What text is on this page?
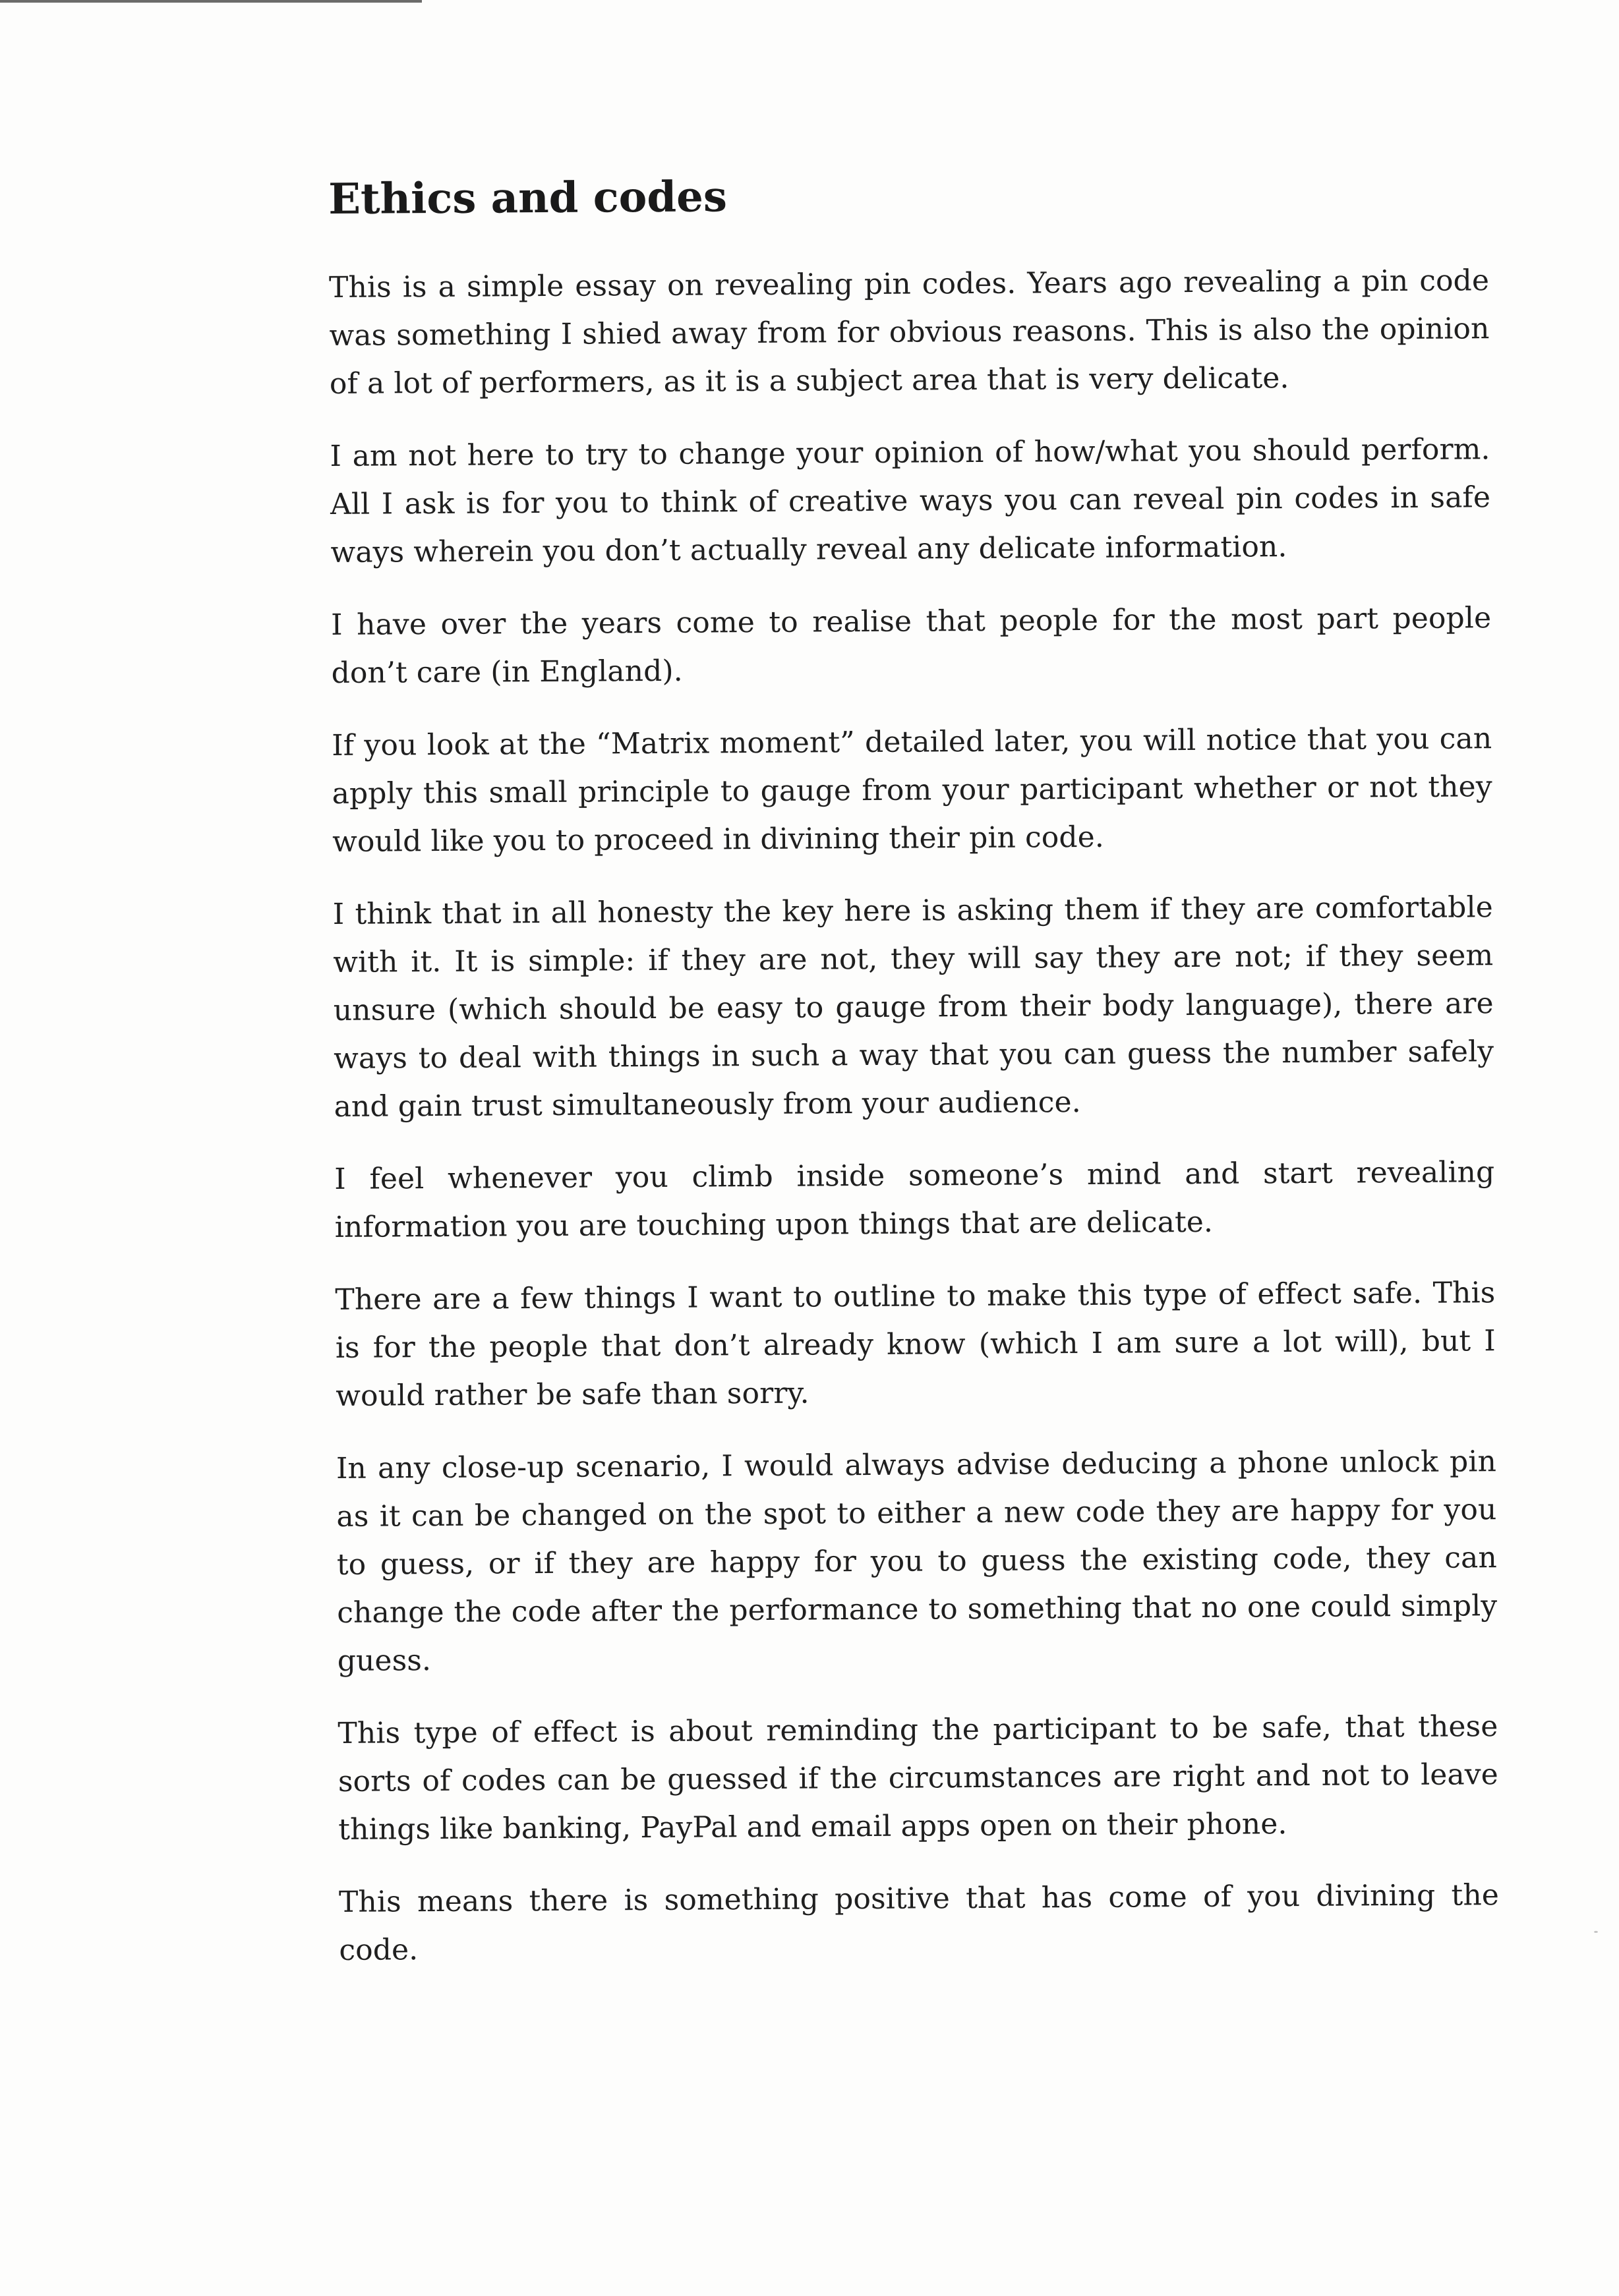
Ethics and codes

This is a simple essay on revealing pin codes. Years ago revealing a pin code was something I shied away from for obvious reasons. This is also the opinion of a lot of performers, as it is a subject area that is very delicate.

I am not here to try to change your opinion of how/what you should perform. All I ask is for you to think of creative ways you can reveal pin codes in safe ways wherein you don’t actually reveal any delicate information.

I have over the years come to realise that people for the most part people don’t care (in England).

If you look at the “Matrix moment” detailed later, you will notice that you can apply this small principle to gauge from your participant whether or not they would like you to proceed in divining their pin code.

I think that in all honesty the key here is asking them if they are comfortable with it. It is simple: if they are not, they will say they are not; if they seem unsure (which should be easy to gauge from their body language), there are ways to deal with things in such a way that you can guess the number safely and gain trust simultaneously from your audience.

I feel whenever you climb inside someone’s mind and start revealing information you are touching upon things that are delicate.

There are a few things I want to outline to make this type of effect safe. This is for the people that don’t already know (which I am sure a lot will), but I would rather be safe than sorry.

In any close-up scenario, I would always advise deducing a phone unlock pin as it can be changed on the spot to either a new code they are happy for you to guess, or if they are happy for you to guess the existing code, they can change the code after the performance to something that no one could simply guess.

This type of effect is about reminding the participant to be safe, that these sorts of codes can be guessed if the circumstances are right and not to leave things like banking, PayPal and email apps open on their phone.

This means there is something positive that has come of you divining the code.
